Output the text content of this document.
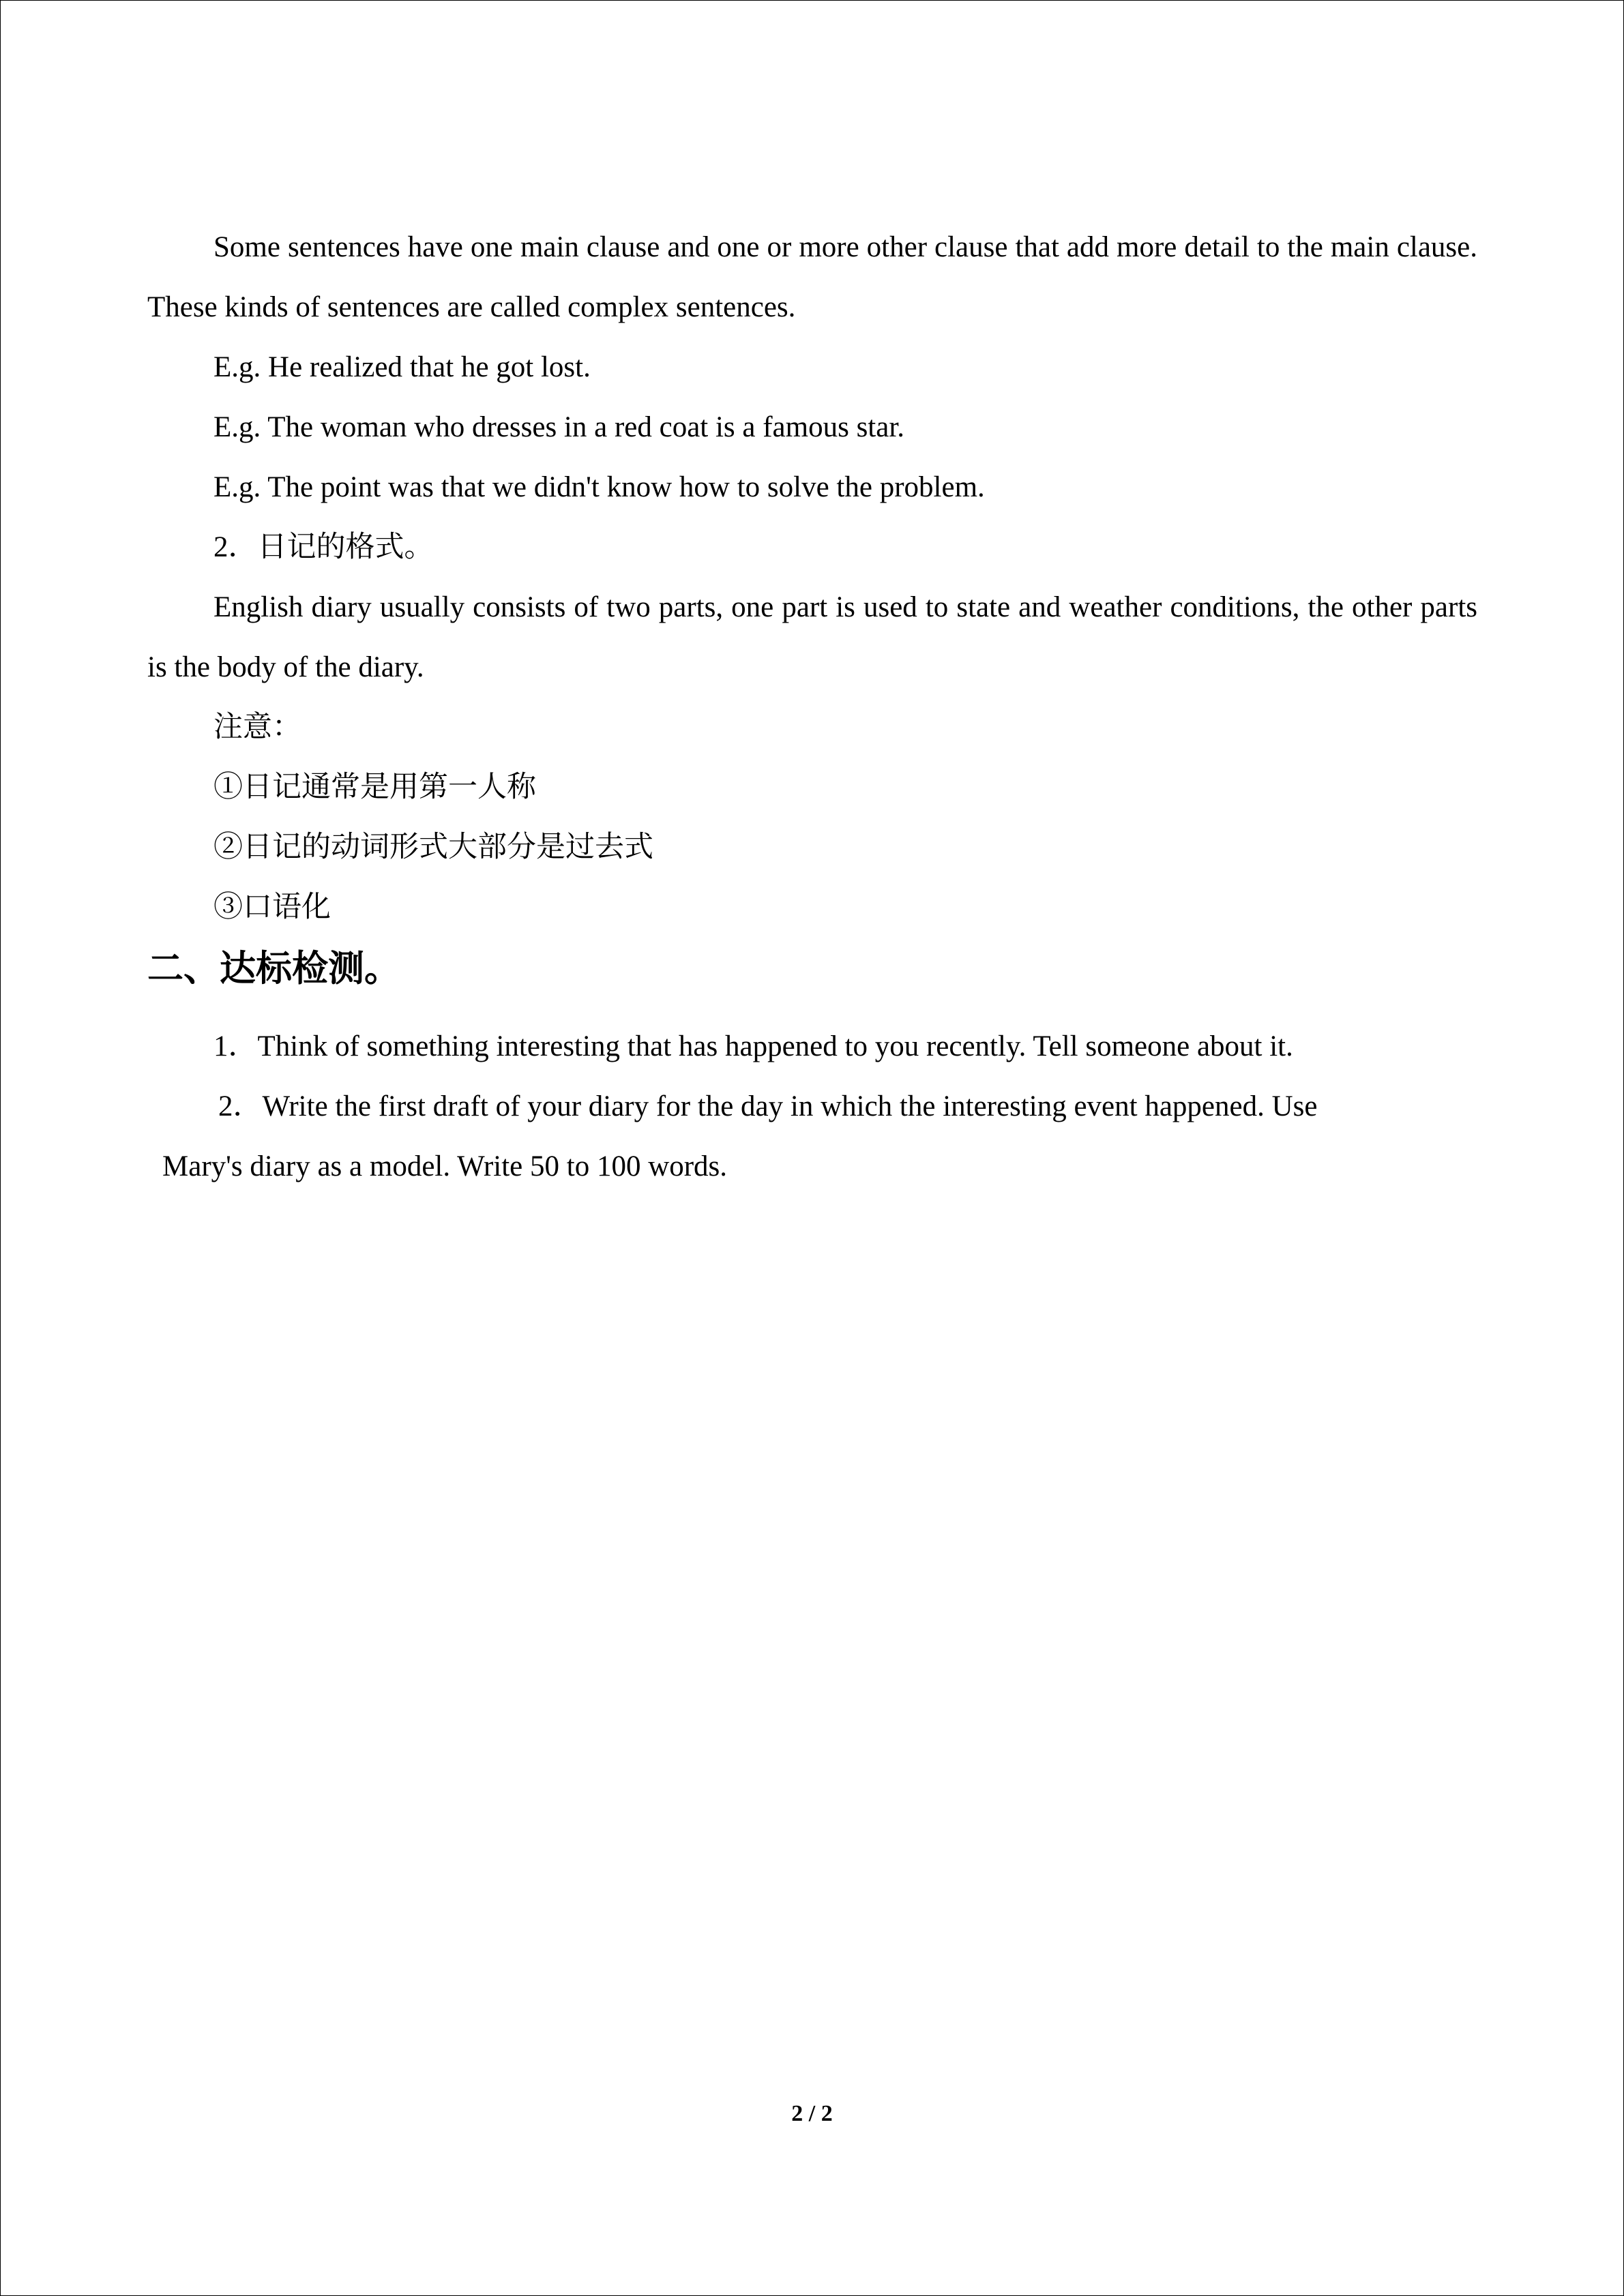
Some sentences have one main clause and one or more other clause that add more detail to the main clause. These kinds of sentences are called complex sentences.

E.g. He realized that he got lost.

E.g. The woman who dresses in a red coat is a famous star.

E.g. The point was that we didn't know how to solve the problem.

2．日记的格式。

English diary usually consists of two parts, one part is used to state and weather conditions, the other parts is the body of the diary.

注意：

①日记通常是用第一人称

②日记的动词形式大部分是过去式

③口语化

二、达标检测。

1．Think of something interesting that has happened to you recently. Tell someone about it.

2．Write the first draft of your diary for the day in which the interesting event happened. Use
Mary's diary as a model. Write 50 to 100 words.

2 / 2
